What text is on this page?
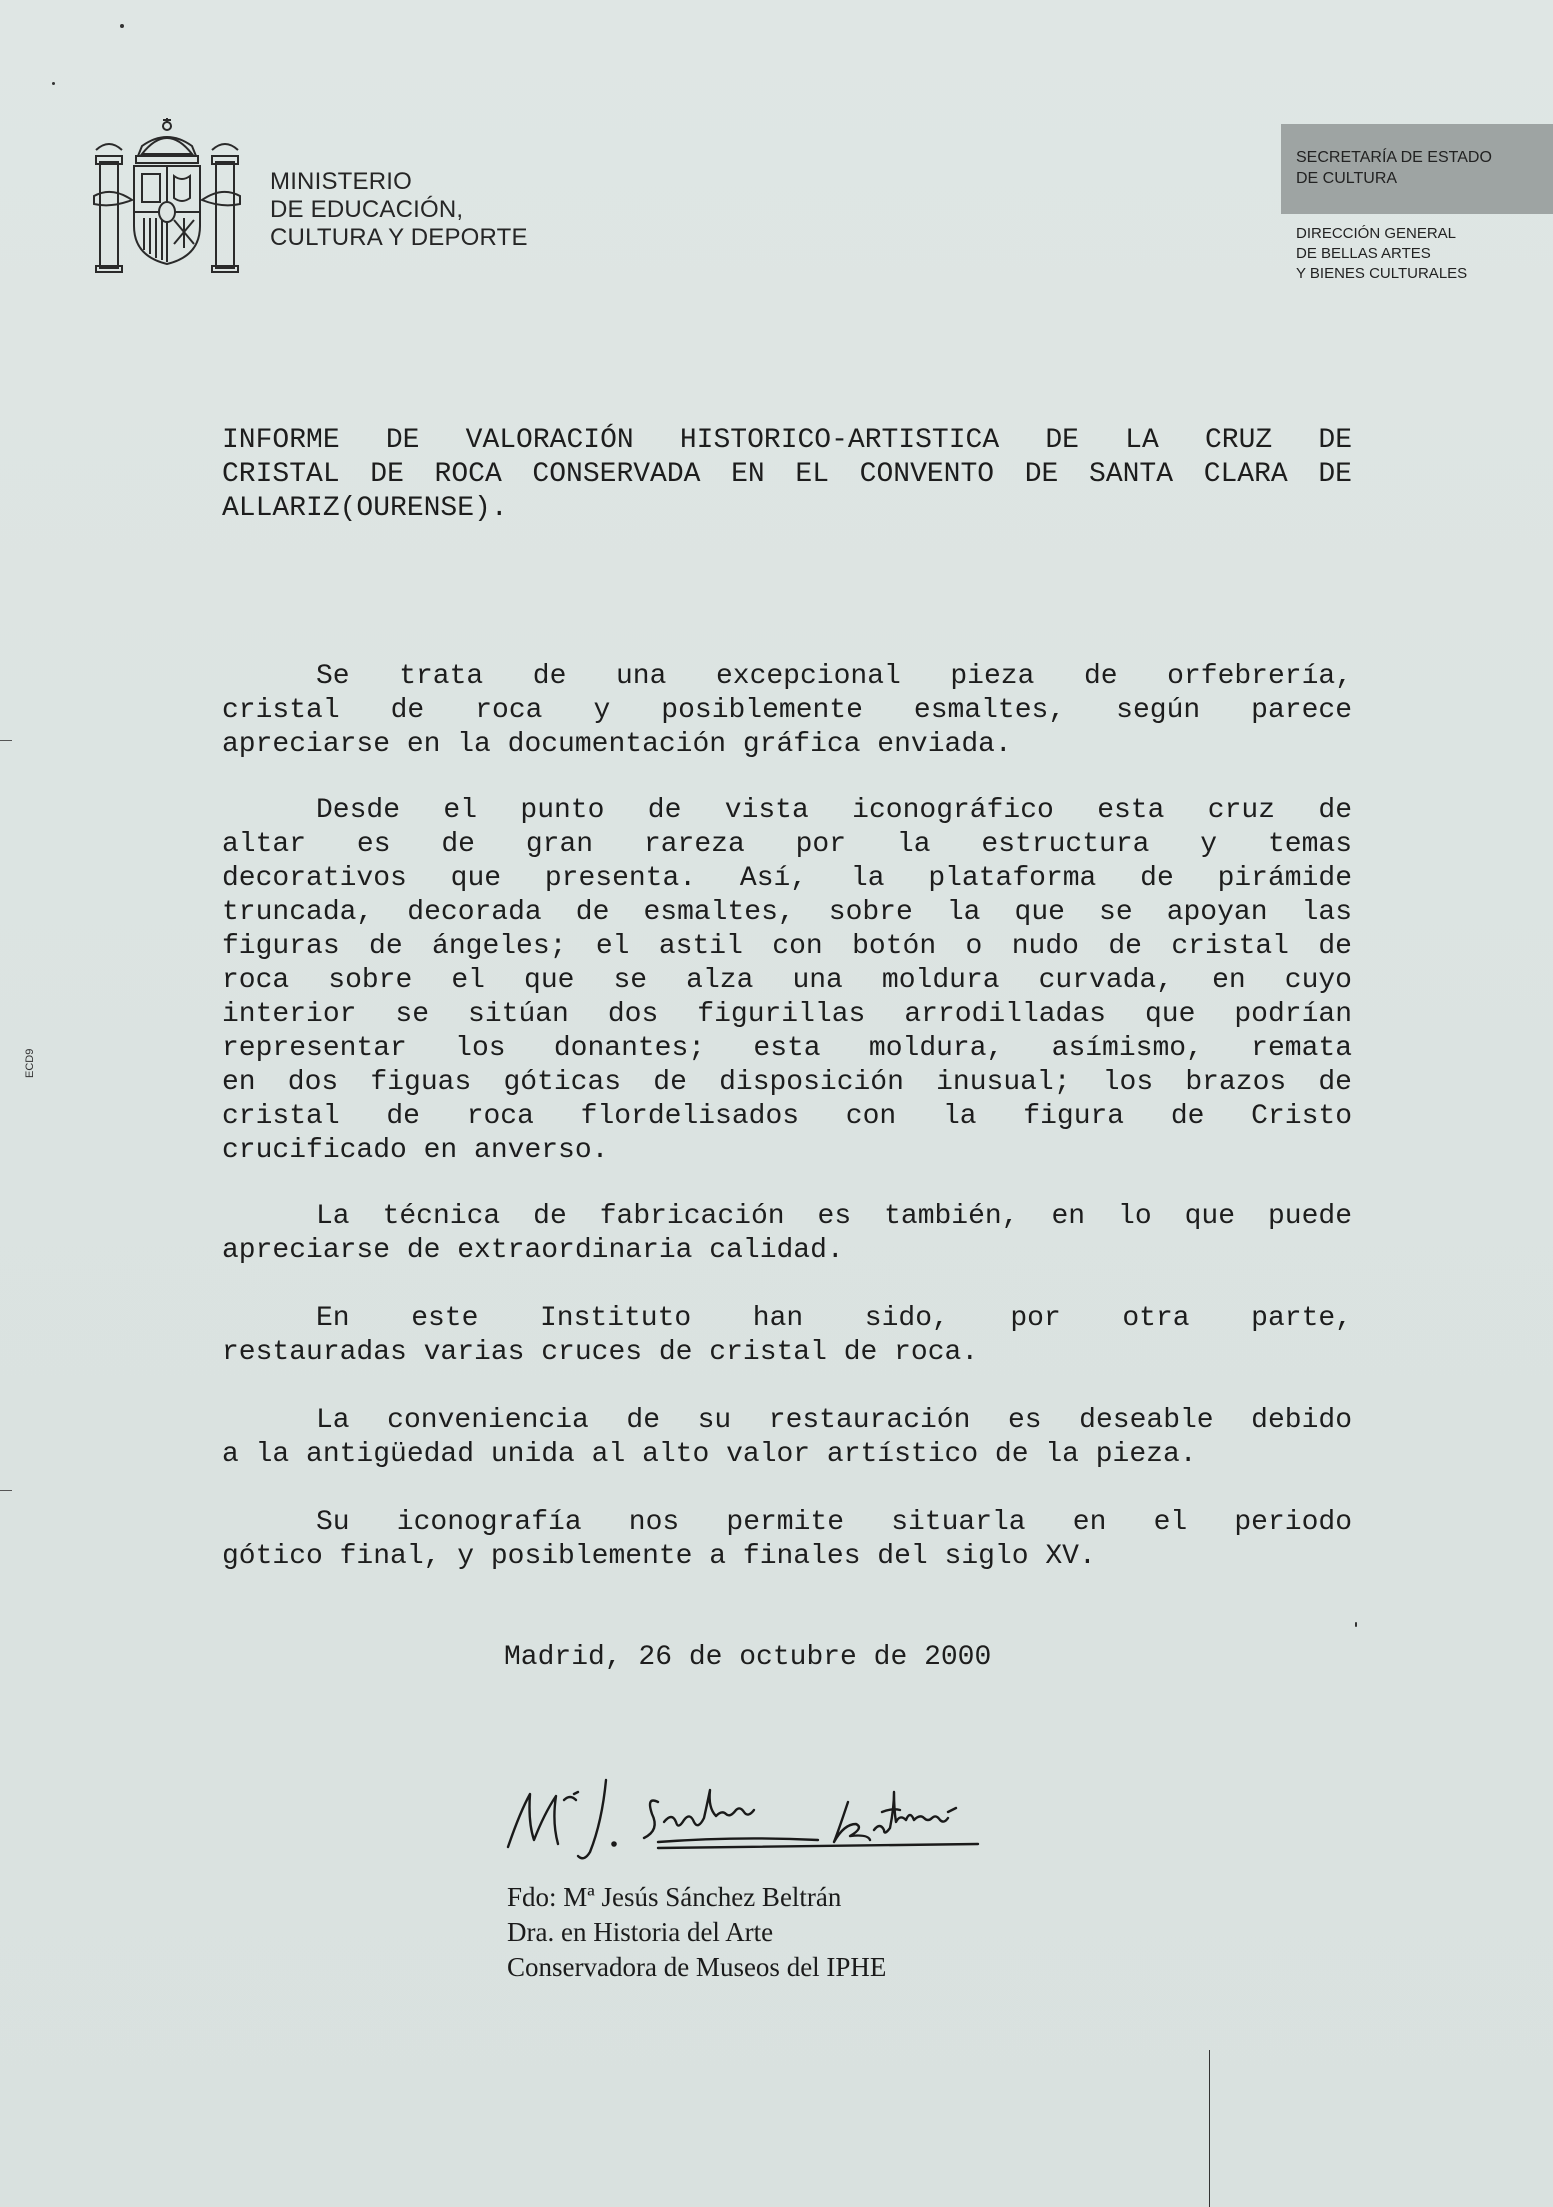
MINISTERIO
DE EDUCACIÓN,
CULTURA Y DEPORTE
SECRETARÍA DE ESTADO
DE CULTURA
DIRECCIÓN GENERAL
DE BELLAS ARTES
Y BIENES CULTURALES
INFORME DE VALORACIÓN HISTORICO-ARTISTICA DE LA CRUZ DE
CRISTAL DE ROCA CONSERVADA EN EL CONVENTO DE SANTA CLARA DE
ALLARIZ(OURENSE).
Se trata de una excepcional pieza de orfebrería,
cristal de roca y posiblemente esmaltes, según parece
apreciarse en la documentación gráfica enviada.
Desde el punto de vista iconográfico esta cruz de
altar es de gran rareza por la estructura y temas
decorativos que presenta. Así, la plataforma de pirámide
truncada, decorada de esmaltes, sobre la que se apoyan las
figuras de ángeles; el astil con botón o nudo de cristal de
roca sobre el que se alza una moldura curvada, en cuyo
interior se sitúan dos figurillas arrodilladas que podrían
representar los donantes; esta moldura, asímismo, remata
en dos figuas góticas de disposición inusual; los brazos de
cristal de roca flordelisados con la figura de Cristo
crucificado en anverso.
La técnica de fabricación es también, en lo que puede
apreciarse de extraordinaria calidad.
En este Instituto han sido, por otra parte,
restauradas varias cruces de cristal de roca.
La conveniencia de su restauración es deseable debido
a la antigüedad unida al alto valor artístico de la pieza.
Su iconografía nos permite situarla en el periodo
gótico final, y posiblemente a finales del siglo XV.
Madrid, 26 de octubre de 2000
Fdo: Mª Jesús Sánchez Beltrán
Dra. en Historia del Arte
Conservadora de Museos del IPHE
ECD9
